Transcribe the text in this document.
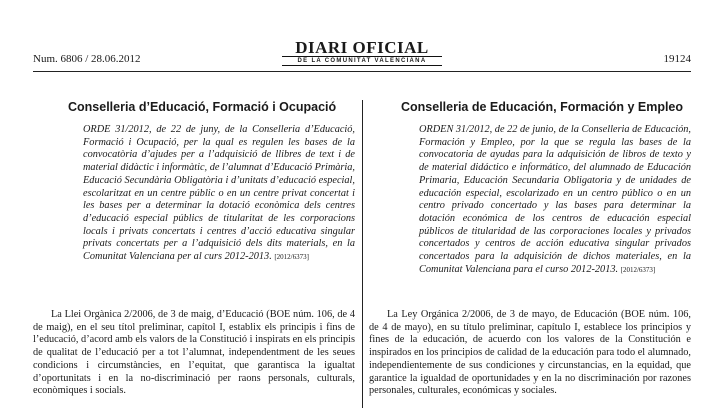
Num. 6806 / 28.06.2012
DIARI OFICIAL
DE LA COMUNITAT VALENCIANA	19124
Conselleria d’Educació, Formació i Ocupació
ORDE 31/2012, de 22 de juny, de la Conselleria d’Educació, Formació i Ocupació, per la qual es regulen les bases de la convocatòria d’ajudes per a l’adquisició de llibres de text i de material didàctic i informàtic, de l’alumnat d’Educació Primària, Educació Secundària Obligatòria i d’unitats d’educació especial, escolaritzat en un centre públic o en un centre privat concertat i les bases per a determinar la dotació econòmica dels centres d’educació especial públics de titularitat de les corporacions locals i privats concertats i centres d’acció educativa singular privats concertats per a l’adquisició dels dits materials, en la Comunitat Valenciana per al curs 2012-2013. [2012/6373]
La Llei Orgànica 2/2006, de 3 de maig, d’Educació (BOE núm. 106, de 4 de maig), en el seu títol preliminar, capítol I, establix els principis i fins de l’educació, d’acord amb els valors de la Constitució i inspirats en els principis de qualitat de l’educació per a tot l’alumnat, independentment de les seues condicions i circumstàncies, en l’equitat, que garantisca la igualtat d’oportunitats i en la no-discriminació per raons personals, culturals, econòmiques i socials.
Conselleria de Educación, Formación y Empleo
ORDEN 31/2012, de 22 de junio, de la Conselleria de Educación, Formación y Empleo, por la que se regula las bases de la convocatoria de ayudas para la adquisición de libros de texto y de material didáctico e informático, del alumnado de Educación Primaria, Educación Secundaria Obligatoria y de unidades de educación especial, escolarizado en un centro público o en un centro privado concertado y las bases para determinar la dotación económica de los centros de educación especial públicos de titularidad de las corporaciones locales y privados concertados y centros de acción educativa singular privados concertados para la adquisición de dichos materiales, en la Comunitat Valenciana para el curso 2012-2013. [2012/6373]
La Ley Orgánica 2/2006, de 3 de mayo, de Educación (BOE núm. 106, de 4 de mayo), en su título preliminar, capítulo I, establece los principios y fines de la educación, de acuerdo con los valores de la Constitución e inspirados en los principios de calidad de la educación para todo el alumnado, independientemente de sus condiciones y circunstancias, en la equidad, que garantice la igualdad de oportunidades y en la no discriminación por razones personales, culturales, económicas y sociales.
